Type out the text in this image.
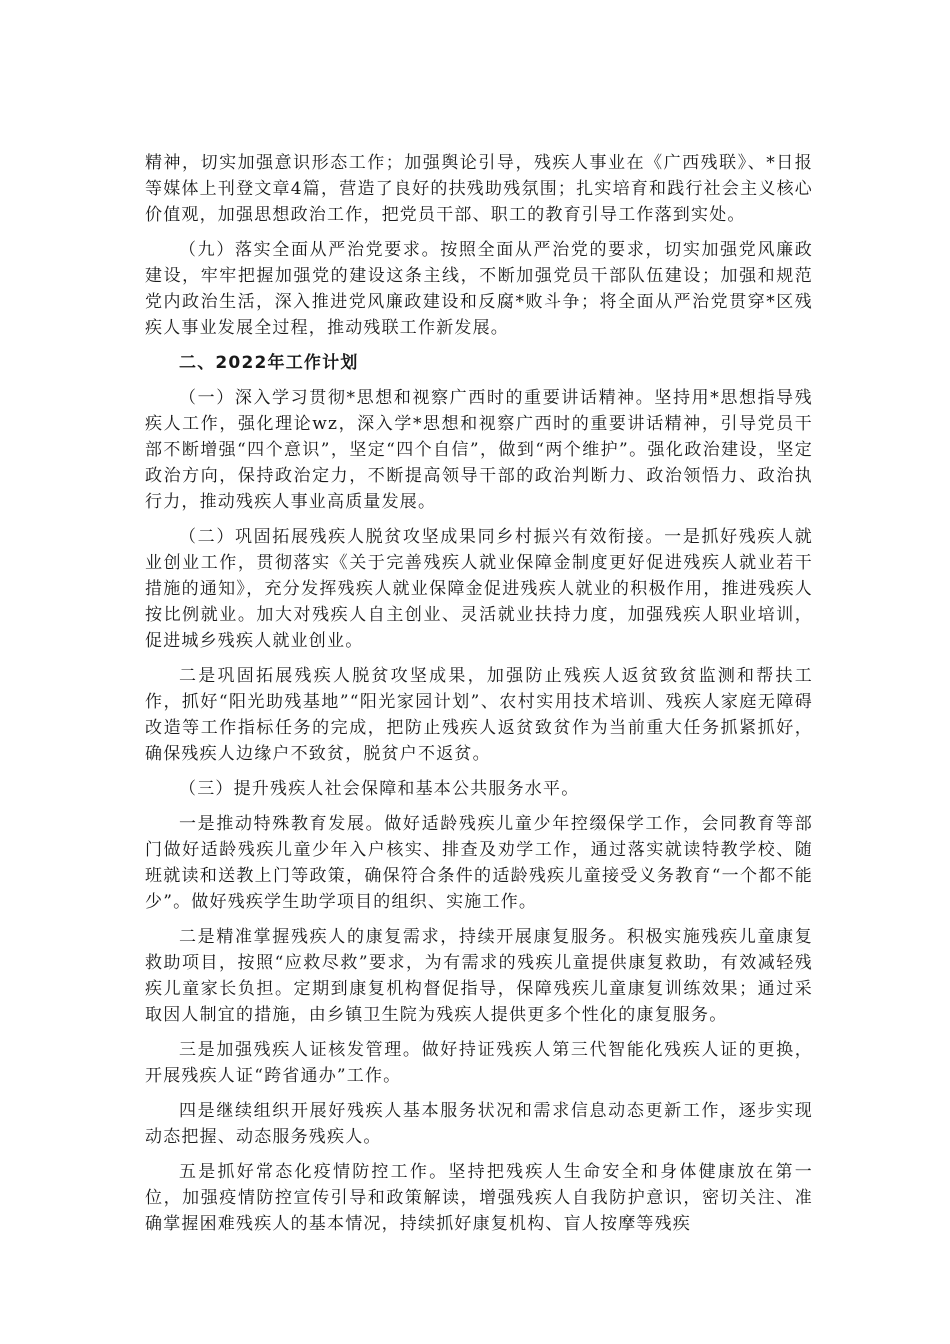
精神，切实加强意识形态工作；加强舆论引导，残疾人事业在《广西残联》、*日报等媒体上刊登文章4篇，营造了良好的扶残助残氛围；扎实培育和践行社会主义核心价值观，加强思想政治工作，把党员干部、职工的教育引导工作落到实处。

（九）落实全面从严治党要求。按照全面从严治党的要求，切实加强党风廉政建设，牢牢把握加强党的建设这条主线，不断加强党员干部队伍建设；加强和规范党内政治生活，深入推进党风廉政建设和反腐*败斗争；将全面从严治党贯穿*区残疾人事业发展全过程，推动残联工作新发展。

二、2022年工作计划

（一）深入学习贯彻*思想和视察广西时的重要讲话精神。坚持用*思想指导残疾人工作，强化理论wz，深入学*思想和视察广西时的重要讲话精神，引导党员干部不断增强“四个意识”，坚定“四个自信”，做到“两个维护”。强化政治建设，坚定政治方向，保持政治定力，不断提高领导干部的政治判断力、政治领悟力、政治执行力，推动残疾人事业高质量发展。

（二）巩固拓展残疾人脱贫攻坚成果同乡村振兴有效衔接。一是抓好残疾人就业创业工作，贯彻落实《关于完善残疾人就业保障金制度更好促进残疾人就业若干措施的通知》，充分发挥残疾人就业保障金促进残疾人就业的积极作用，推进残疾人按比例就业。加大对残疾人自主创业、灵活就业扶持力度，加强残疾人职业培训，促进城乡残疾人就业创业。

二是巩固拓展残疾人脱贫攻坚成果，加强防止残疾人返贫致贫监测和帮扶工作，抓好“阳光助残基地”“阳光家园计划”、农村实用技术培训、残疾人家庭无障碍改造等工作指标任务的完成，把防止残疾人返贫致贫作为当前重大任务抓紧抓好，确保残疾人边缘户不致贫，脱贫户不返贫。

（三）提升残疾人社会保障和基本公共服务水平。

一是推动特殊教育发展。做好适龄残疾儿童少年控缀保学工作，会同教育等部门做好适龄残疾儿童少年入户核实、排查及劝学工作，通过落实就读特教学校、随班就读和送教上门等政策，确保符合条件的适龄残疾儿童接受义务教育“一个都不能少”。做好残疾学生助学项目的组织、实施工作。

二是精准掌握残疾人的康复需求，持续开展康复服务。积极实施残疾儿童康复救助项目，按照“应救尽救”要求，为有需求的残疾儿童提供康复救助，有效减轻残疾儿童家长负担。定期到康复机构督促指导，保障残疾儿童康复训练效果；通过采取因人制宜的措施，由乡镇卫生院为残疾人提供更多个性化的康复服务。

三是加强残疾人证核发管理。做好持证残疾人第三代智能化残疾人证的更换，开展残疾人证“跨省通办”工作。

四是继续组织开展好残疾人基本服务状况和需求信息动态更新工作，逐步实现动态把握、动态服务残疾人。

五是抓好常态化疫情防控工作。坚持把残疾人生命安全和身体健康放在第一位，加强疫情防控宣传引导和政策解读，增强残疾人自我防护意识，密切关注、准确掌握困难残疾人的基本情况，持续抓好康复机构、盲人按摩等残疾
